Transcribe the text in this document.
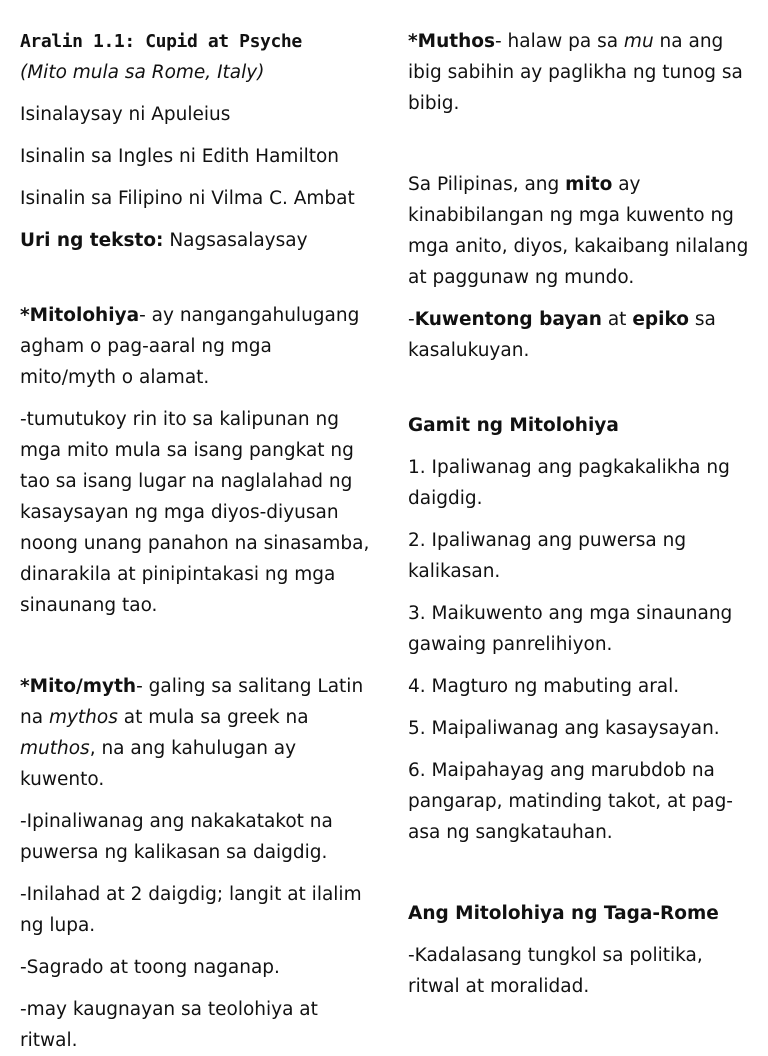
Aralin 1.1: Cupid at Psyche

(Mito mula sa Rome, Italy)

Isinalaysay ni Apuleius

Isinalin sa Ingles ni Edith Hamilton

Isinalin sa Filipino ni Vilma C. Ambat

Uri ng teksto: Nagsasalaysay

*Mitolohiya- ay nangangahulugang agham o pag-aaral ng mga mito/myth o alamat.

-tumutukoy rin ito sa kalipunan ng mga mito mula sa isang pangkat ng tao sa isang lugar na naglalahad ng kasaysayan ng mga diyos-diyusan noong unang panahon na sinasamba, dinarakila at pinipintakasi ng mga sinaunang tao.

*Mito/myth- galing sa salitang Latin na mythos at mula sa greek na muthos, na ang kahulugan ay kuwento.

-Ipinaliwanag ang nakakatakot na puwersa ng kalikasan sa daigdig.

-Inilahad at 2 daigdig; langit at ilalim ng lupa.

-Sagrado at toong naganap.

-may kaugnayan sa teolohiya at ritwal.

*Muthos- halaw pa sa mu na ang ibig sabihin ay paglikha ng tunog sa bibig.

Sa Pilipinas, ang mito ay kinabibilangan ng mga kuwento ng mga anito, diyos, kakaibang nilalang at paggunaw ng mundo.

-Kuwentong bayan at epiko sa kasalukuyan.

Gamit ng Mitolohiya

1. Ipaliwanag ang pagkakalikha ng daigdig.

2. Ipaliwanag ang puwersa ng kalikasan.

3. Maikuwento ang mga sinaunang gawaing panrelihiyon.

4. Magturo ng mabuting aral.

5. Maipaliwanag ang kasaysayan.

6. Maipahayag ang marubdob na pangarap, matinding takot, at pag-asa ng sangkatauhan.

Ang Mitolohiya ng Taga-Rome

-Kadalasang tungkol sa politika, ritwal at moralidad.
